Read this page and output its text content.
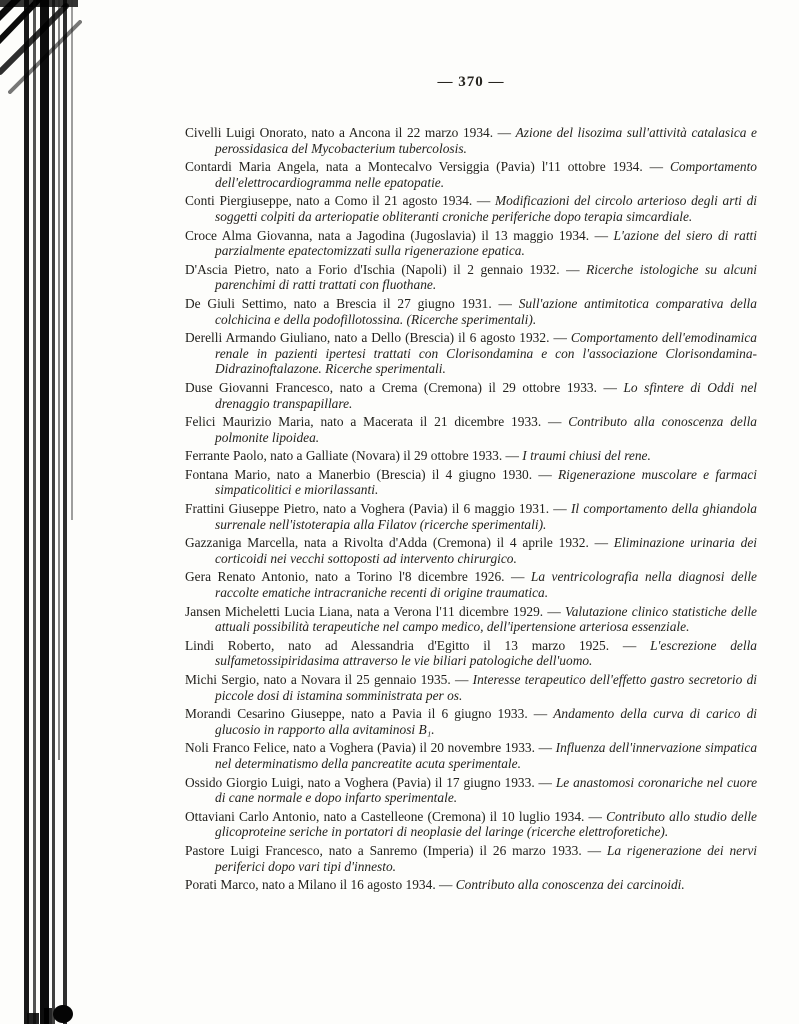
— 370 —

Civelli Luigi Onorato, nato a Ancona il 22 marzo 1934. — Azione del lisozima sull'attività catalasica e perossidasica del Mycobacterium tubercolosis.

Contardi Maria Angela, nata a Montecalvo Versiggia (Pavia) l'11 ottobre 1934. — Comportamento dell'elettrocardiogramma nelle epatopatie.

Conti Piergiuseppe, nato a Como il 21 agosto 1934. — Modificazioni del circolo arterioso degli arti di soggetti colpiti da arteriopatie obliteranti croniche periferiche dopo terapia simcardiale.

Croce Alma Giovanna, nata a Jagodina (Jugoslavia) il 13 maggio 1934. — L'azione del siero di ratti parzialmente epatectomizzati sulla rigenerazione epatica.

D'Ascia Pietro, nato a Forio d'Ischia (Napoli) il 2 gennaio 1932. — Ricerche istologiche su alcuni parenchimi di ratti trattati con fluothane.

De Giuli Settimo, nato a Brescia il 27 giugno 1931. — Sull'azione antimitotica comparativa della colchicina e della podofillotossina. (Ricerche sperimentali).

Derelli Armando Giuliano, nato a Dello (Brescia) il 6 agosto 1932. — Comportamento dell'emodinamica renale in pazienti ipertesi trattati con Clorisondamina e con l'associazione Clorisondamina-Didrazinoftalazone. Ricerche sperimentali.

Duse Giovanni Francesco, nato a Crema (Cremona) il 29 ottobre 1933. — Lo sfintere di Oddi nel drenaggio transpapillare.

Felici Maurizio Maria, nato a Macerata il 21 dicembre 1933. — Contributo alla conoscenza della polmonite lipoidea.

Ferrante Paolo, nato a Galliate (Novara) il 29 ottobre 1933. — I traumi chiusi del rene.

Fontana Mario, nato a Manerbio (Brescia) il 4 giugno 1930. — Rigenerazione muscolare e farmaci simpaticolitici e miorilassanti.

Frattini Giuseppe Pietro, nato a Voghera (Pavia) il 6 maggio 1931. — Il comportamento della ghiandola surrenale nell'istoterapia alla Filatov (ricerche sperimentali).

Gazzaniga Marcella, nata a Rivolta d'Adda (Cremona) il 4 aprile 1932. — Eliminazione urinaria dei corticoidi nei vecchi sottoposti ad intervento chirurgico.

Gera Renato Antonio, nato a Torino l'8 dicembre 1926. — La ventricolografia nella diagnosi delle raccolte ematiche intracraniche recenti di origine traumatica.

Jansen Micheletti Lucia Liana, nata a Verona l'11 dicembre 1929. — Valutazione clinico statistiche delle attuali possibilità terapeutiche nel campo medico, dell'ipertensione arteriosa essenziale.

Lindi Roberto, nato ad Alessandria d'Egitto il 13 marzo 1925. — L'escrezione della sulfametossipiridasima attraverso le vie biliari patologiche dell'uomo.

Michi Sergio, nato a Novara il 25 gennaio 1935. — Interesse terapeutico dell'effetto gastro secretorio di piccole dosi di istamina somministrata per os.

Morandi Cesarino Giuseppe, nato a Pavia il 6 giugno 1933. — Andamento della curva di carico di glucosio in rapporto alla avitaminosi B₁.

Noli Franco Felice, nato a Voghera (Pavia) il 20 novembre 1933. — Influenza dell'innervazione simpatica nel determinatismo della pancreatite acuta sperimentale.

Ossido Giorgio Luigi, nato a Voghera (Pavia) il 17 giugno 1933. — Le anastomosi coronariche nel cuore di cane normale e dopo infarto sperimentale.

Ottaviani Carlo Antonio, nato a Castelleone (Cremona) il 10 luglio 1934. — Contributo allo studio delle glicoproteine seriche in portatori di neoplasie del laringe (ricerche elettroforetiche).

Pastore Luigi Francesco, nato a Sanremo (Imperia) il 26 marzo 1933. — La rigenerazione dei nervi periferici dopo vari tipi d'innesto.

Porati Marco, nato a Milano il 16 agosto 1934. — Contributo alla conoscenza dei carcinoidi.
